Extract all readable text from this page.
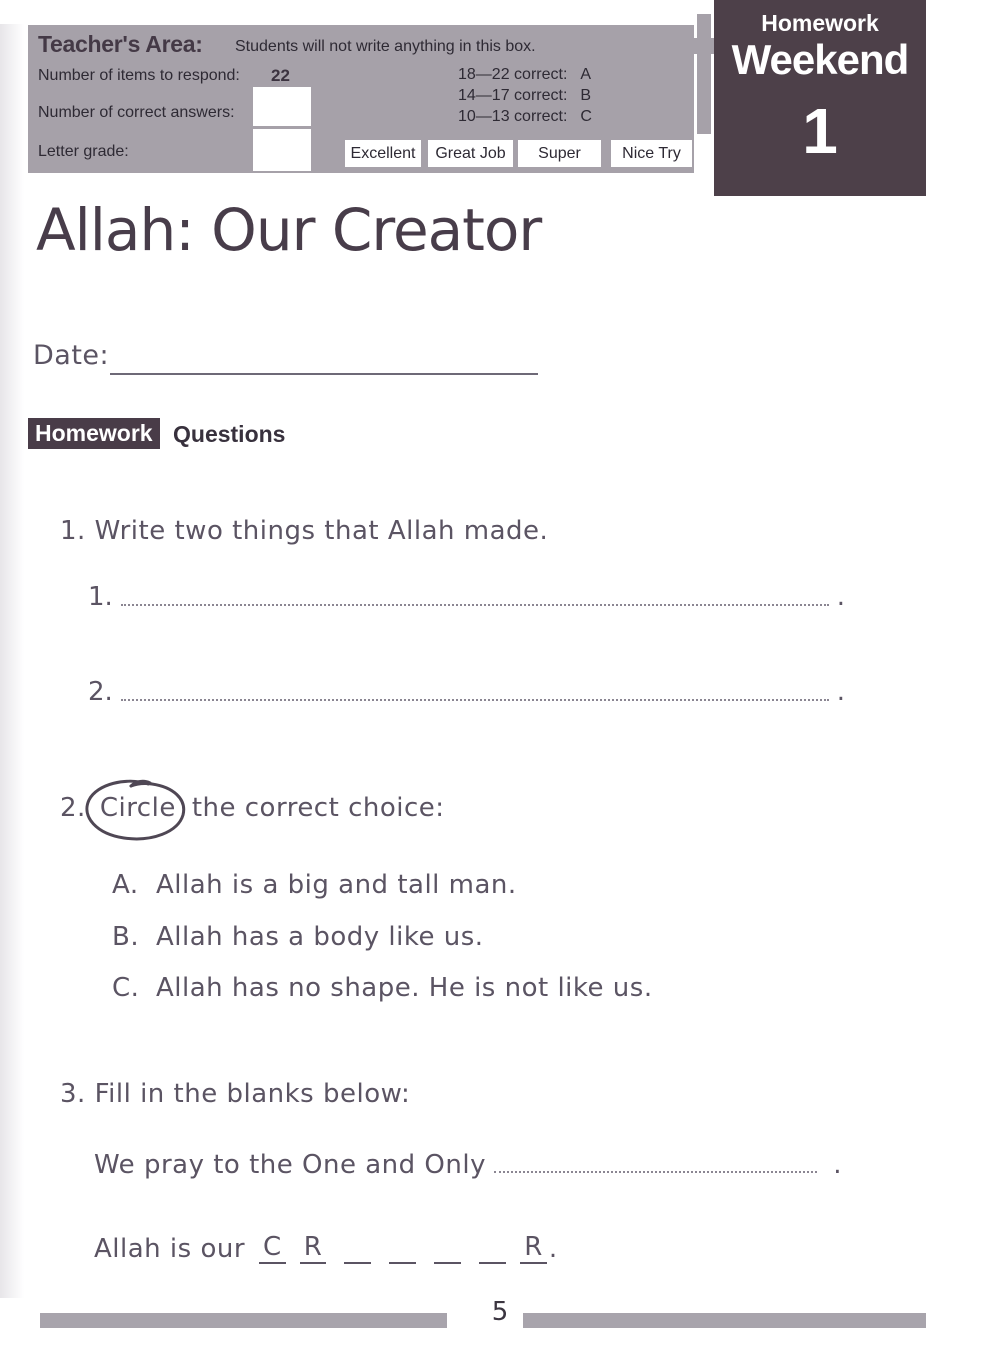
Teacher's Area: Students will not write anything in this box.
Number of items to respond: 22
Number of correct answers:
Letter grade:
18—22 correct: A
14—17 correct: B
10—13 correct: C
Excellent	Great Job	Super	Nice Try
Homework
Weekend
1
Allah: Our Creator
Date:
Homework Questions
1. Write two things that Allah made.
1.	.
2.	.
2. Circle the correct choice:
A. Allah is a big and tall man.
B. Allah has a body like us.
C. Allah has no shape. He is not like us.
3. Fill in the blanks below:
We pray to the One and Only	.
Allah is our C R	R .
5
